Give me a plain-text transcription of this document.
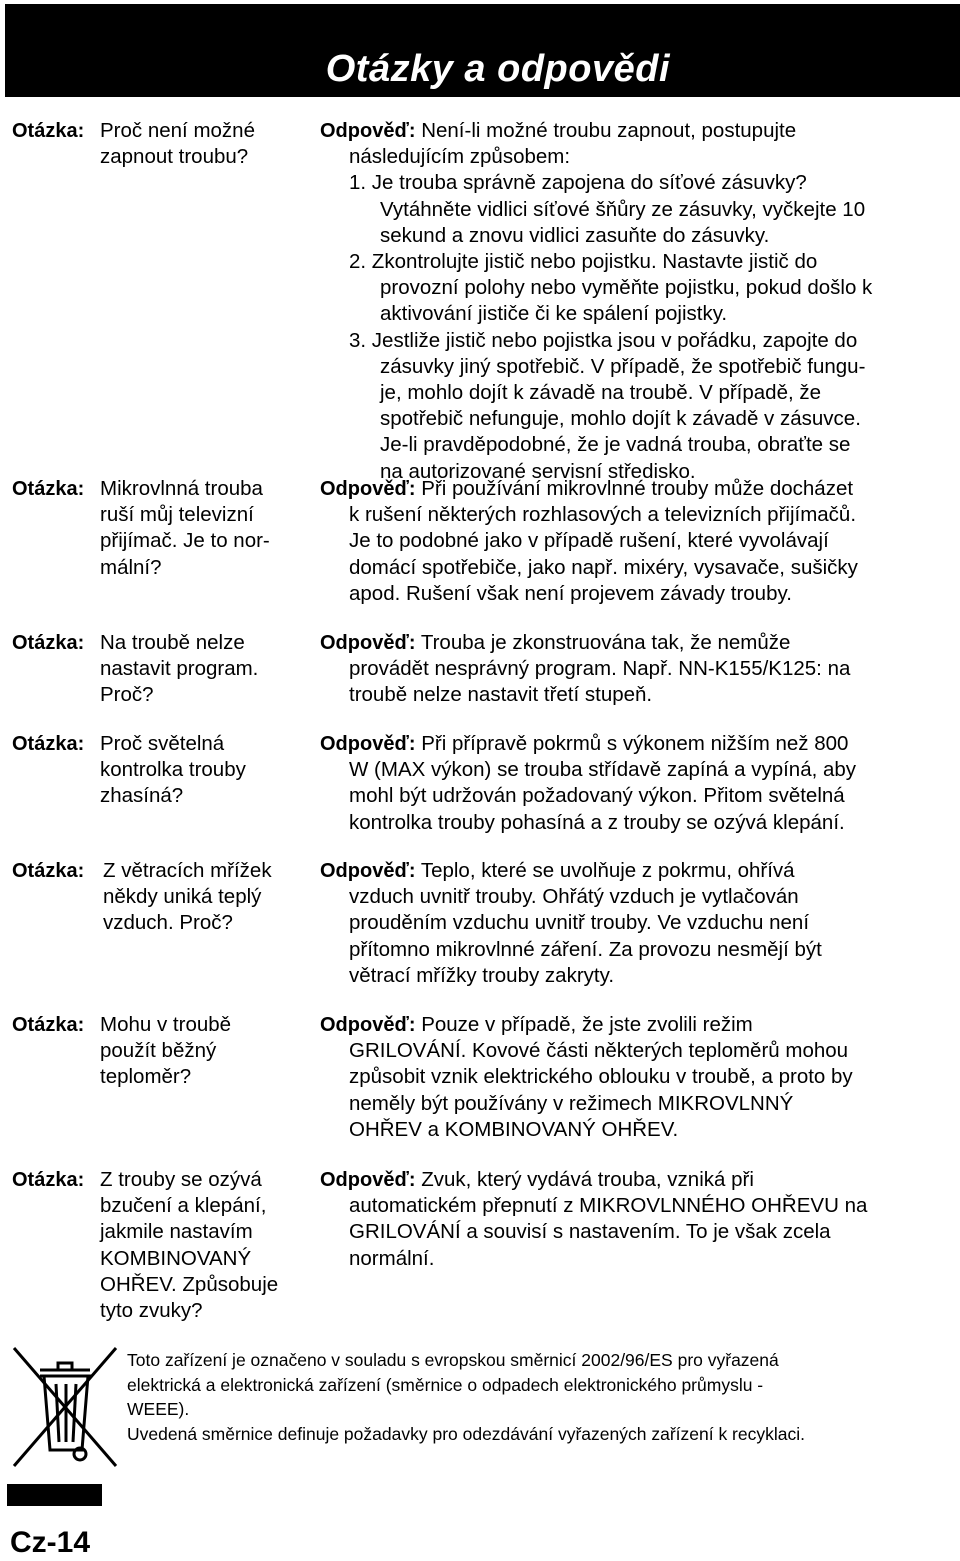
Otázky a odpovědi
Otázka: Proč není možné
zapnout troubu?
Odpověď: Není-li možné troubu zapnout, postupujte
následujícím způsobem:
1. Je trouba správně zapojena do síťové zásuvky?
Vytáhněte vidlici síťové šňůry ze zásuvky, vyčkejte 10
sekund a znovu vidlici zasuňte do zásuvky.
2. Zkontrolujte jistič nebo pojistku. Nastavte jistič do
provozní polohy nebo vyměňte pojistku, pokud došlo k
aktivování jističe či ke spálení pojistky.
3. Jestliže jistič nebo pojistka jsou v pořádku, zapojte do
zásuvky jiný spotřebič. V případě, že spotřebič fungu-
je, mohlo dojít k závadě na troubě. V případě, že
spotřebič nefunguje, mohlo dojít k závadě v zásuvce.
Je-li pravděpodobné, že je vadná trouba, obraťte se
na autorizované servisní středisko.
Otázka: Mikrovlnná trouba
ruší můj televizní
přijímač. Je to nor-
mální?
Odpověď: Při používání mikrovlnné trouby může docházet
k rušení některých rozhlasových a televizních přijímačů.
Je to podobné jako v případě rušení, které vyvolávají
domácí spotřebiče, jako např. mixéry, vysavače, sušičky
apod. Rušení však není projevem závady trouby.
Otázka: Na troubě nelze
nastavit program.
Proč?
Odpověď: Trouba je zkonstruována tak, že nemůže
provádět nesprávný program. Např. NN-K155/K125: na
troubě nelze nastavit třetí stupeň.
Otázka: Proč světelná
kontrolka trouby
zhasíná?
Odpověď: Při přípravě pokrmů s výkonem nižším než 800
W (MAX výkon) se trouba střídavě zapíná a vypíná, aby
mohl být udržován požadovaný výkon. Přitom světelná
kontrolka trouby pohasíná a z trouby se ozývá klepání.
Otázka: Z větracích mřížek
někdy uniká teplý
vzduch. Proč?
Odpověď: Teplo, které se uvolňuje z pokrmu, ohřívá
vzduch uvnitř trouby. Ohřátý vzduch je vytlačován
prouděním vzduchu uvnitř trouby. Ve vzduchu není
přítomno mikrovlnné záření. Za provozu nesmějí být
větrací mřížky trouby zakryty.
Otázka: Mohu v troubě
použít běžný
teploměr?
Odpověď: Pouze v případě, že jste zvolili režim
GRILOVÁNÍ. Kovové části některých teploměrů mohou
způsobit vznik elektrického oblouku v troubě, a proto by
neměly být používány v režimech MIKROVLNNÝ
OHŘEV a KOMBINOVANÝ OHŘEV.
Otázka: Z trouby se ozývá
bzučení a klepání,
jakmile nastavím
KOMBINOVANÝ
OHŘEV. Způsobuje
tyto zvuky?
Odpověď: Zvuk, který vydává trouba, vzniká při
automatickém přepnutí z MIKROVLNNÉHO OHŘEVU na
GRILOVÁNÍ a souvisí s nastavením. To je však zcela
normální.
Toto zařízení je označeno v souladu s evropskou směrnicí 2002/96/ES pro vyřazená
elektrická a elektronická zařízení (směrnice o odpadech elektronického průmyslu -
WEEE).
Uvedená směrnice definuje požadavky pro odezdávání vyřazených zařízení k recyklaci.
Cz-14
